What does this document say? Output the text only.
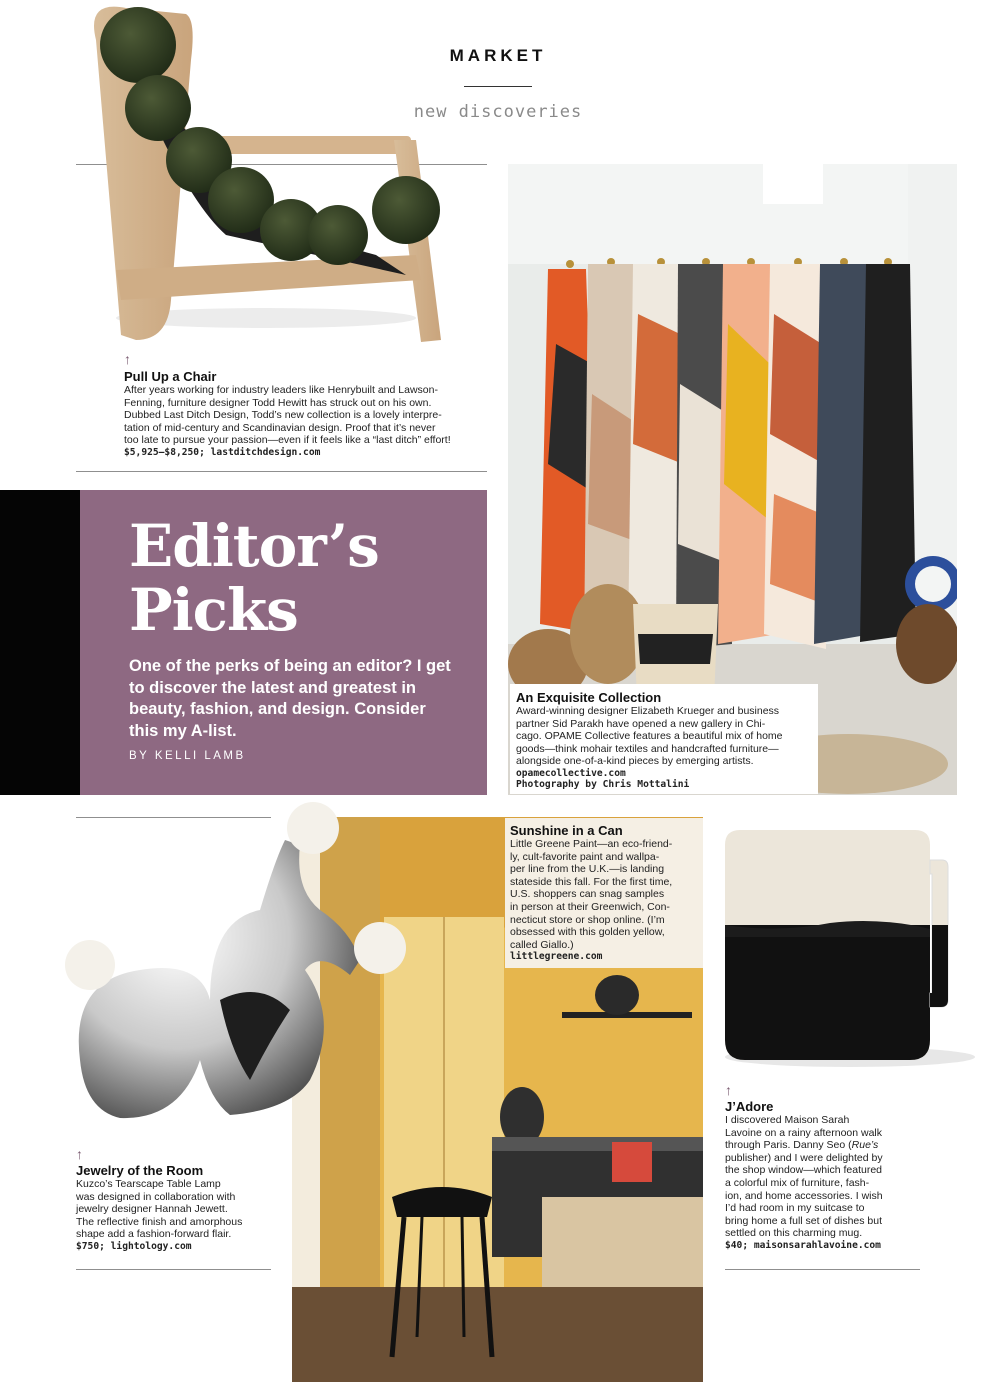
MARKET
new discoveries
↑
Pull Up a Chair
After years working for industry leaders like Henrybuilt and Lawson-
Fenning, furniture designer Todd Hewitt has struck out on his own.
Dubbed Last Ditch Design, Todd’s new collection is a lovely interpre-
tation of mid-century and Scandinavian design. Proof that it’s never
too late to pursue your passion—even if it feels like a “last ditch” effort!
$5,925–$8,250; lastditchdesign.com
An Exquisite Collection
Award-winning designer Elizabeth Krueger and business
partner Sid Parakh have opened a new gallery in Chi-
cago. OPAME Collective features a beautiful mix of home
goods—think mohair textiles and handcrafted furniture—
alongside one-of-a-kind pieces by emerging artists.
opamecollective.com
Photography by Chris Mottalini
Editor’s
Picks
One of the perks of being an editor? I get to discover the latest and greatest in beauty, fashion, and design. Consider this my A-list.
BY KELLI LAMB
Sunshine in a Can
Little Greene Paint—an eco-friend-
ly, cult-favorite paint and wallpa-
per line from the U.K.—is landing
stateside this fall. For the first time,
U.S. shoppers can snag samples
in person at their Greenwich, Con-
necticut store or shop online. (I’m
obsessed with this golden yellow,
called Giallo.)
littlegreene.com
↑
Jewelry of the Room
Kuzco’s Tearscape Table Lamp
was designed in collaboration with
jewelry designer Hannah Jewett.
The reflective finish and amorphous
shape add a fashion-forward flair.
$750; lightology.com
↑
J’Adore
I discovered Maison Sarah
Lavoine on a rainy afternoon walk
through Paris. Danny Seo (Rue’s
publisher) and I were delighted by
the shop window—which featured
a colorful mix of furniture, fash-
ion, and home accessories. I wish
I’d had room in my suitcase to
bring home a full set of dishes but
settled on this charming mug.
$40; maisonsarahlavoine.com
